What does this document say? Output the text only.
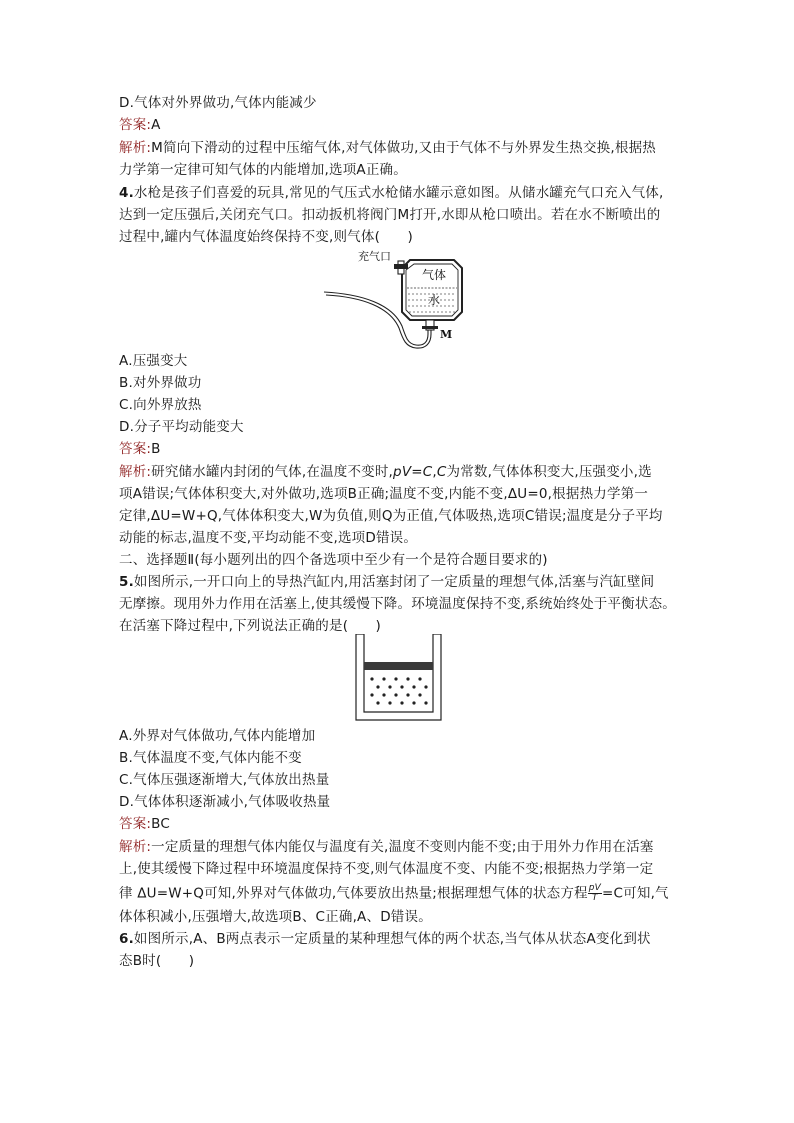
D.气体对外界做功,气体内能减少
答案:A
解析:M简向下滑动的过程中压缩气体,对气体做功,又由于气体不与外界发生热交换,根据热
力学第一定律可知气体的内能增加,选项A正确。
4.水枪是孩子们喜爱的玩具,常见的气压式水枪储水罐示意如图。从储水罐充气口充入气体,
达到一定压强后,关闭充气口。扣动扳机将阀门M打开,水即从枪口喷出。若在水不断喷出的
过程中,罐内气体温度始终保持不变,则气体(　　)
充气口
气体
水
M
A.压强变大
B.对外界做功
C.向外界放热
D.分子平均动能变大
答案:B
解析:研究储水罐内封闭的气体,在温度不变时,pV=C,C为常数,气体体积变大,压强变小,选
项A错误;气体体积变大,对外做功,选项B正确;温度不变,内能不变,ΔU=0,根据热力学第一
定律,ΔU=W+Q,气体体积变大,W为负值,则Q为正值,气体吸热,选项C错误;温度是分子平均
动能的标志,温度不变,平均动能不变,选项D错误。
二、选择题Ⅱ(每小题列出的四个备选项中至少有一个是符合题目要求的)
5.如图所示,一开口向上的导热汽缸内,用活塞封闭了一定质量的理想气体,活塞与汽缸壁间
无摩擦。现用外力作用在活塞上,使其缓慢下降。环境温度保持不变,系统始终处于平衡状态。
在活塞下降过程中,下列说法正确的是(　　)
A.外界对气体做功,气体内能增加
B.气体温度不变,气体内能不变
C.气体压强逐渐增大,气体放出热量
D.气体体积逐渐减小,气体吸收热量
答案:BC
解析:一定质量的理想气体内能仅与温度有关,温度不变则内能不变;由于用外力作用在活塞
上,使其缓慢下降过程中环境温度保持不变,则气体温度不变、内能不变;根据热力学第一定
律 ΔU=W+Q可知,外界对气体做功,气体要放出热量;根据理想气体的状态方程 $\frac{pV}{T} =C$可知,气
体体积减小,压强增大,故选项B、C正确,A、D错误。
6.如图所示,A、B两点表示一定质量的某种理想气体的两个状态,当气体从状态A变化到状
态B时(　　)
